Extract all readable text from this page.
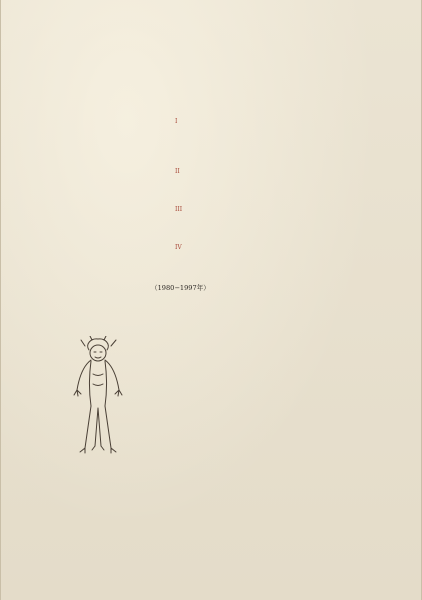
I
II
III
IV
（1980−1997年）
